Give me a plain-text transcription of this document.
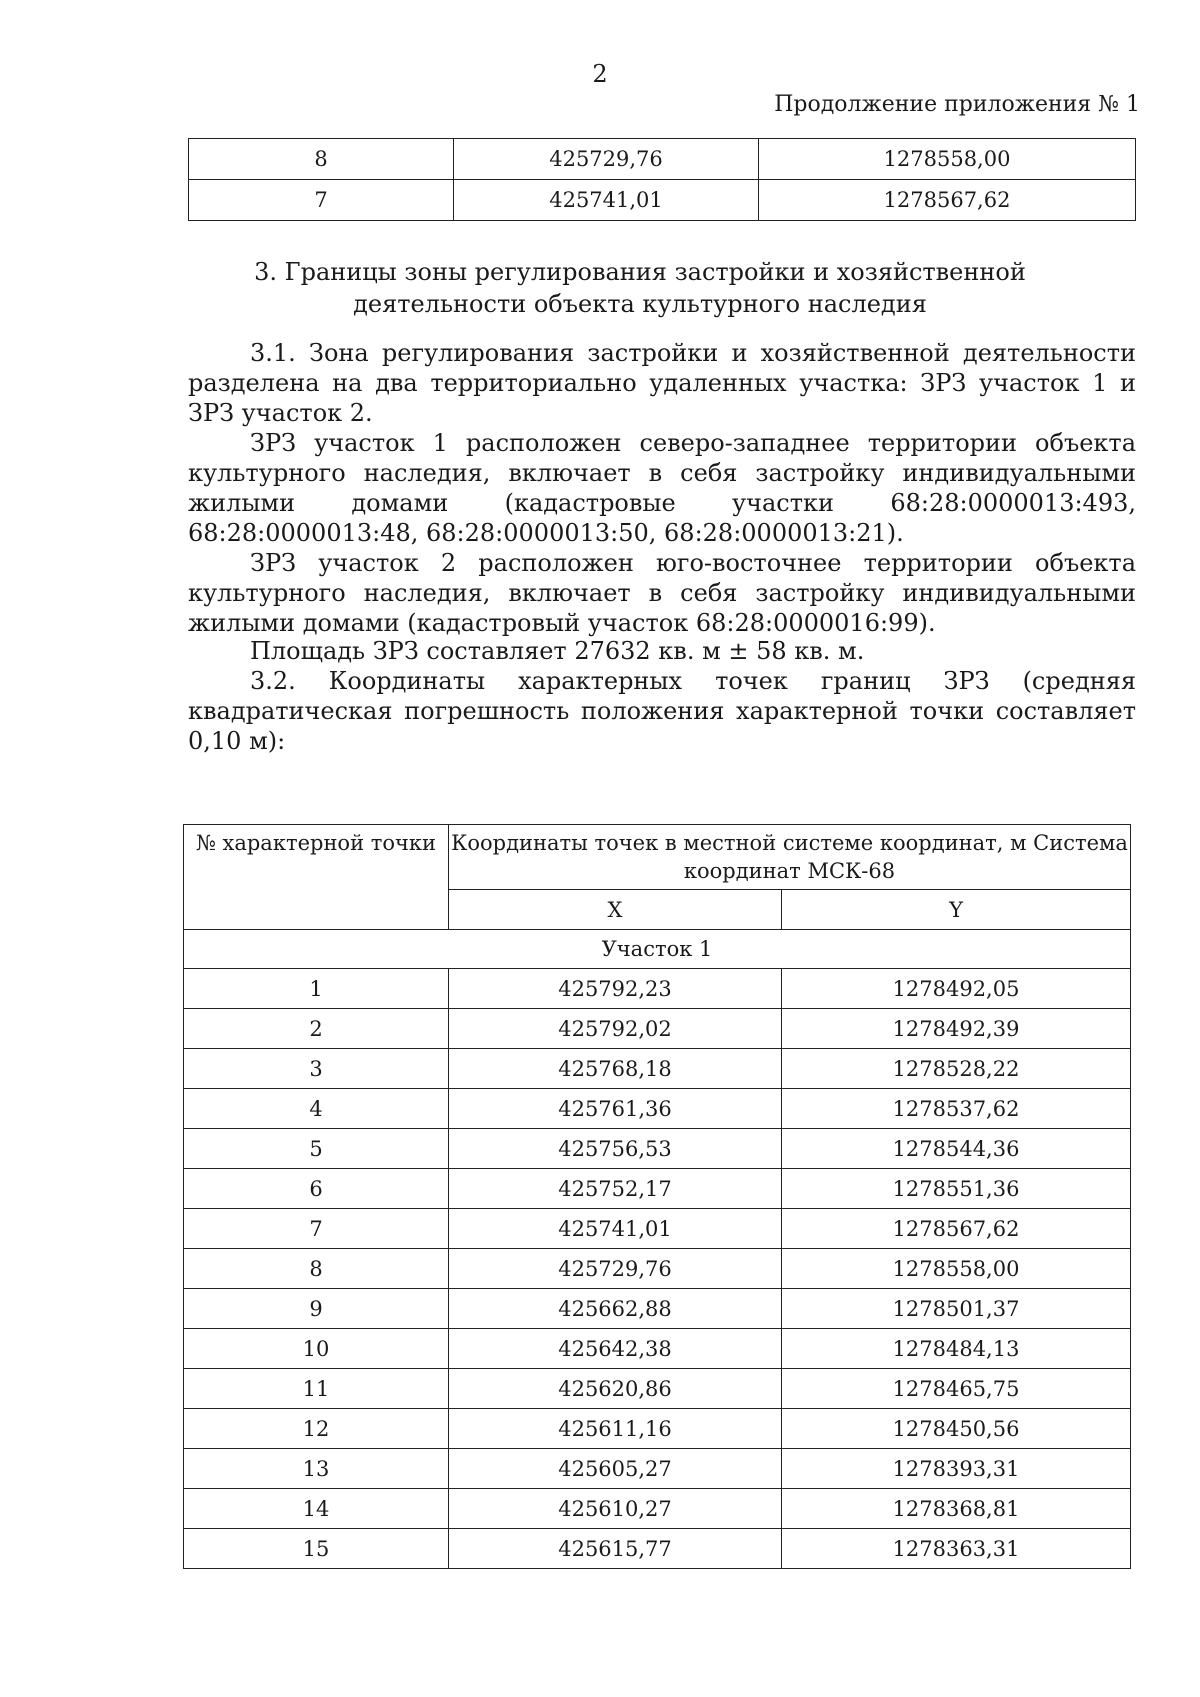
2
Продолжение приложения № 1
8	425729,76	1278558,00
7	425741,01	1278567,62
3. Границы зоны регулирования застройки и хозяйственной деятельности объекта культурного наследия

3.1. Зона регулирования застройки и хозяйственной деятельности разделена на два территориально удаленных участка: ЗРЗ участок 1 и ЗРЗ участок 2.

ЗРЗ участок 1 расположен северо-западнее территории объекта культурного наследия, включает в себя застройку индивидуальными жилыми домами (кадастровые участки 68:28:0000013:493, 68:28:0000013:48, 68:28:0000013:50, 68:28:0000013:21).

ЗРЗ участок 2 расположен юго-восточнее территории объекта культурного наследия, включает в себя застройку индивидуальными жилыми домами (кадастровый участок 68:28:0000016:99).

Площадь ЗРЗ составляет 27632 кв. м ± 58 кв. м.

3.2. Координаты характерных точек границ ЗРЗ (средняя квадратическая погрешность положения характерной точки составляет 0,10 м):

№ характерной точки	Координаты точек в местной системе координат, м Система координат МСК-68	
	X	Y
Участок 1		
1	425792,23	1278492,05
2	425792,02	1278492,39
3	425768,18	1278528,22
4	425761,36	1278537,62
5	425756,53	1278544,36
6	425752,17	1278551,36
7	425741,01	1278567,62
8	425729,76	1278558,00
9	425662,88	1278501,37
10	425642,38	1278484,13
11	425620,86	1278465,75
12	425611,16	1278450,56
13	425605,27	1278393,31
14	425610,27	1278368,81
15	425615,77	1278363,31
